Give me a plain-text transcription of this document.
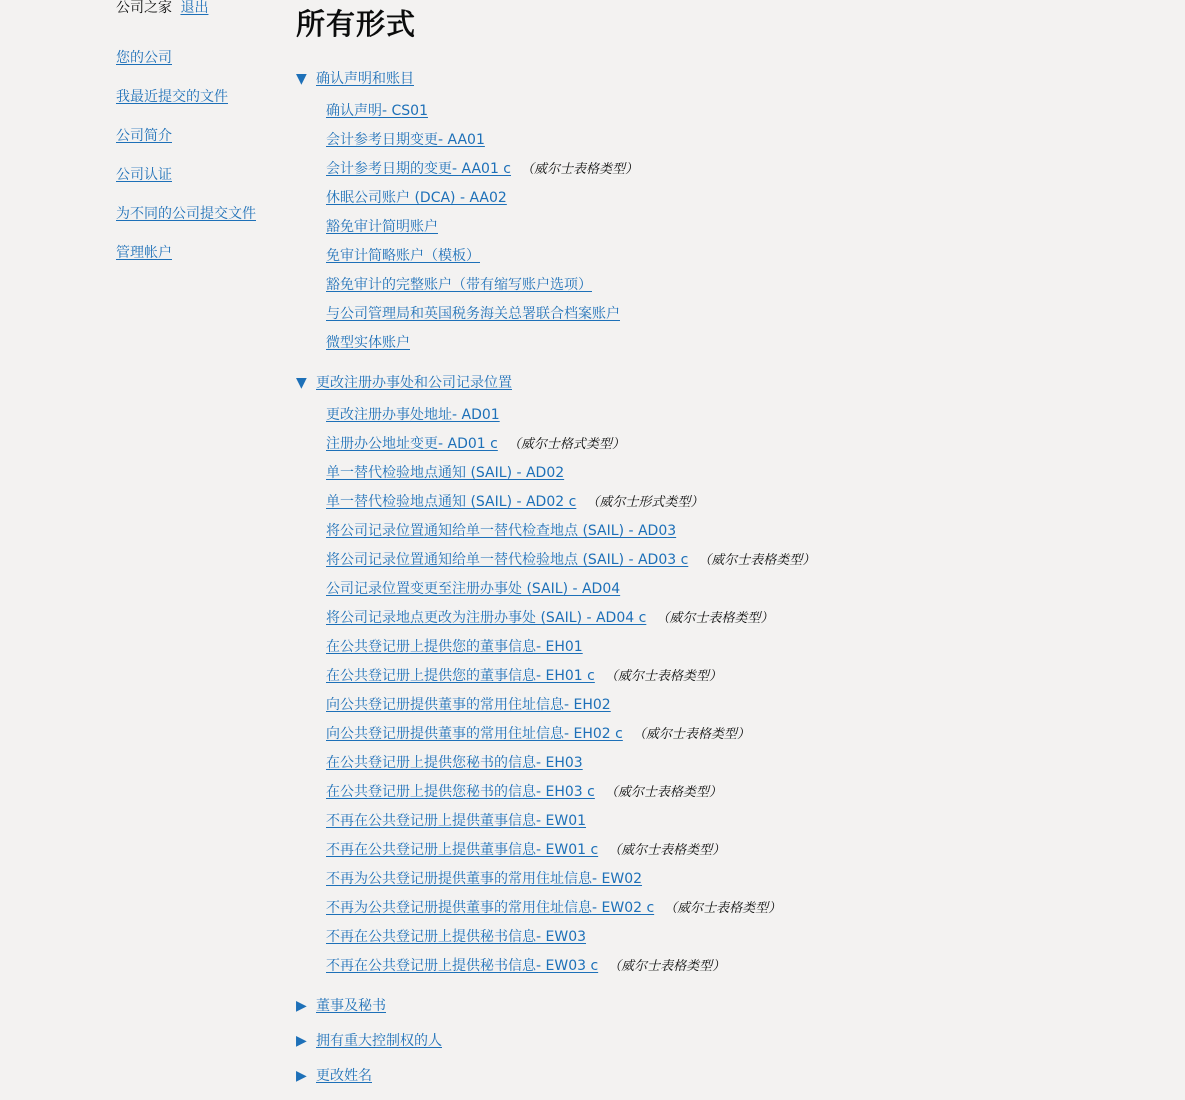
公司之家 退出
您的公司
我最近提交的文件
公司简介
公司认证
为不同的公司提交文件
管理帐户
所有形式
▼ 确认声明和账目
确认声明- CS01
会计参考日期变更- AA01
会计参考日期的变更- AA01 c （威尔士表格类型）
休眠公司账户 (DCA) - AA02
豁免审计简明账户
免审计简略账户（模板）
豁免审计的完整账户（带有缩写账户选项）
与公司管理局和英国税务海关总署联合档案账户
微型实体账户
▼ 更改注册办事处和公司记录位置
更改注册办事处地址- AD01
注册办公地址变更- AD01 c （威尔士格式类型）
单一替代检验地点通知 (SAIL) - AD02
单一替代检验地点通知 (SAIL) - AD02 c （威尔士形式类型）
将公司记录位置通知给单一替代检查地点 (SAIL) - AD03
将公司记录位置通知给单一替代检验地点 (SAIL) - AD03 c （威尔士表格类型）
公司记录位置变更至注册办事处 (SAIL) - AD04
将公司记录地点更改为注册办事处 (SAIL) - AD04 c （威尔士表格类型）
在公共登记册上提供您的董事信息- EH01
在公共登记册上提供您的董事信息- EH01 c （威尔士表格类型）
向公共登记册提供董事的常用住址信息- EH02
向公共登记册提供董事的常用住址信息- EH02 c （威尔士表格类型）
在公共登记册上提供您秘书的信息- EH03
在公共登记册上提供您秘书的信息- EH03 c （威尔士表格类型）
不再在公共登记册上提供董事信息- EW01
不再在公共登记册上提供董事信息- EW01 c （威尔士表格类型）
不再为公共登记册提供董事的常用住址信息- EW02
不再为公共登记册提供董事的常用住址信息- EW02 c （威尔士表格类型）
不再在公共登记册上提供秘书信息- EW03
不再在公共登记册上提供秘书信息- EW03 c （威尔士表格类型）
▶ 董事及秘书
▶ 拥有重大控制权的人
▶ 更改姓名
